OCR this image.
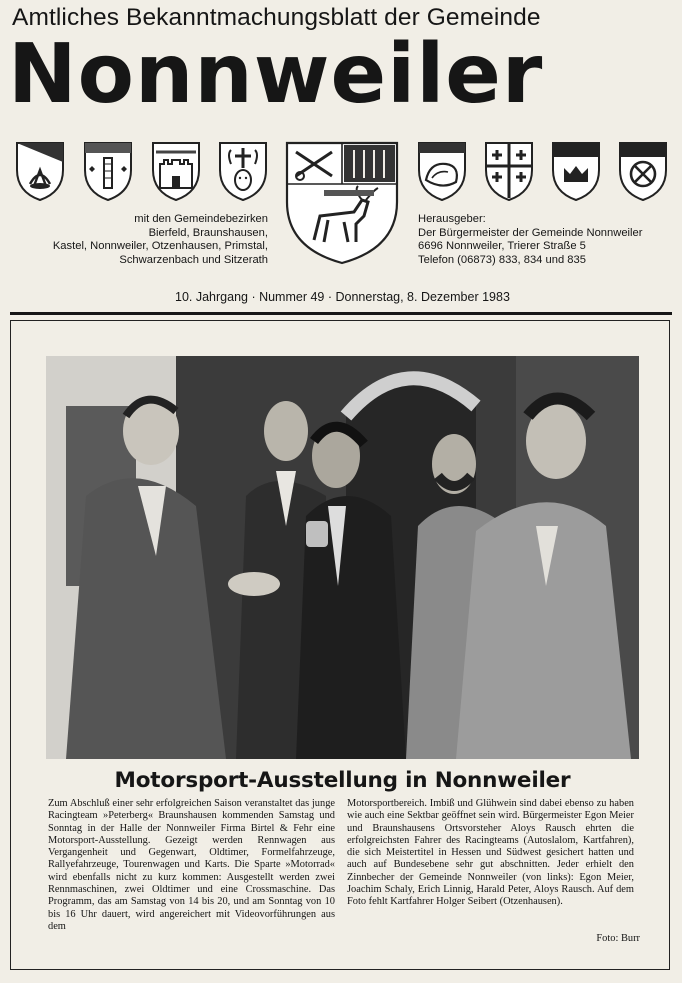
Amtliches Bekanntmachungsblatt der Gemeinde
Nonnweiler
mit den Gemeindebezirken
Bierfeld, Braunshausen,
Kastel, Nonnweiler, Otzenhausen, Primstal,
Schwarzenbach und Sitzerath
Herausgeber:
Der Bürgermeister der Gemeinde Nonnweiler
6696 Nonnweiler, Trierer Straße 5
Telefon (06873) 833, 834 und 835
10. Jahrgang · Nummer 49 · Donnerstag, 8. Dezember 1983
Motorsport-Ausstellung in Nonnweiler
Zum Abschluß einer sehr erfolgreichen Saison veranstaltet das junge Racingteam »Peterberg« Braunshausen kommenden Samstag und Sonntag in der Halle der Nonnweiler Firma Birtel & Fehr eine Motorsport-Ausstellung. Gezeigt werden Rennwagen aus Vergangenheit und Gegenwart, Oldtimer, Formelfahrzeuge, Rallyefahrzeuge, Tourenwagen und Karts. Die Sparte »Motorrad« wird ebenfalls nicht zu kurz kommen: Ausgestellt werden zwei Rennmaschinen, zwei Oldtimer und eine Crossmaschine. Das Programm, das am Samstag von 14 bis 20, und am Sonntag von 10 bis 16 Uhr dauert, wird angereichert mit Videovorführungen aus dem
Motorsportbereich. Imbiß und Glühwein sind dabei ebenso zu haben wie auch eine Sektbar geöffnet sein wird. Bürgermeister Egon Meier und Braunshausens Ortsvorsteher Aloys Rausch ehrten die erfolgreichsten Fahrer des Racingteams (Autoslalom, Kartfahren), die sich Meistertitel in Hessen und Südwest gesichert hatten und auch auf Bundesebene sehr gut abschnitten. Jeder erhielt den Zinnbecher der Gemeinde Nonnweiler (von links): Egon Meier, Joachim Schaly, Erich Linnig, Harald Peter, Aloys Rausch. Auf dem Foto fehlt Kartfahrer Holger Seibert (Otzenhausen).
Foto: Burr
